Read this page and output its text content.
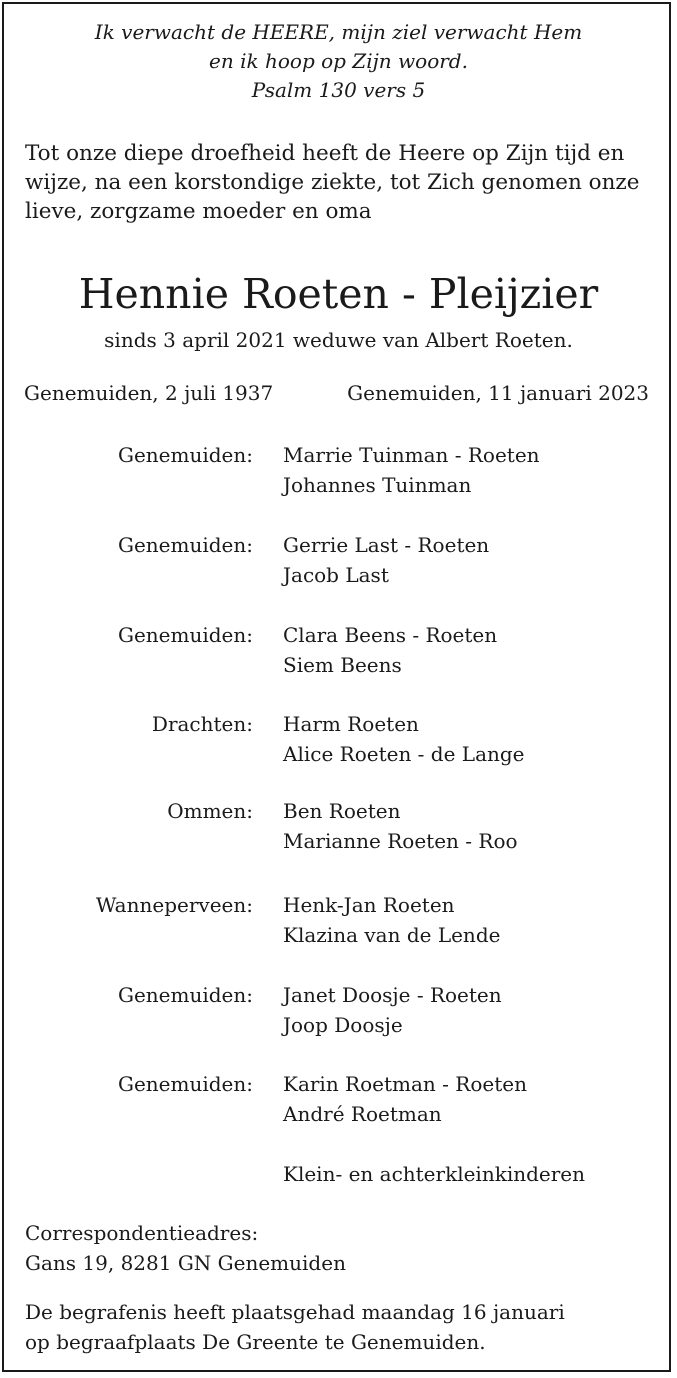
Ik verwacht de HEERE, mijn ziel verwacht Hem
en ik hoop op Zijn woord.
Psalm 130 vers 5
Tot onze diepe droefheid heeft de Heere op Zijn tijd en
wijze, na een korstondige ziekte, tot Zich genomen onze
lieve, zorgzame moeder en oma
Hennie Roeten - Pleijzier
sinds 3 april 2021 weduwe van Albert Roeten.
Genemuiden, 2 juli 1937	Genemuiden, 11 januari 2023
Genemuiden: Marrie Tuinman - Roeten
Johannes Tuinman
Genemuiden: Gerrie Last - Roeten
Jacob Last
Genemuiden: Clara Beens - Roeten
Siem Beens
Drachten: Harm Roeten
Alice Roeten - de Lange
Ommen: Ben Roeten
Marianne Roeten - Roo
Wanneperveen: Henk-Jan Roeten
Klazina van de Lende
Genemuiden: Janet Doosje - Roeten
Joop Doosje
Genemuiden: Karin Roetman - Roeten
André Roetman
Klein- en achterkleinkinderen
Correspondentieadres:
Gans 19, 8281 GN Genemuiden
De begrafenis heeft plaatsgehad maandag 16 januari
op begraafplaats De Greente te Genemuiden.
